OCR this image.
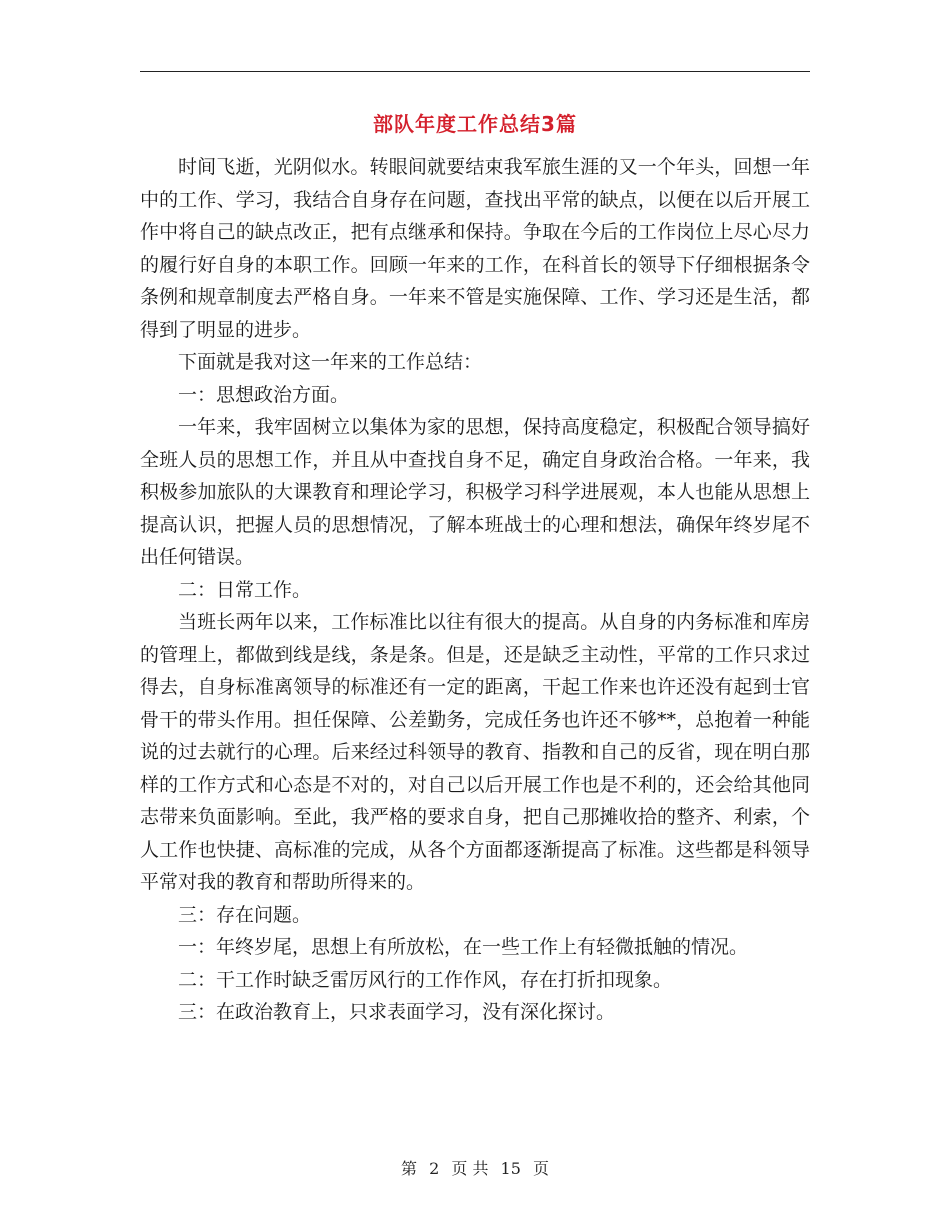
部队年度工作总结3篇

时间飞逝，光阴似水。转眼间就要结束我军旅生涯的又一个年头，回想一年中的工作、学习，我结合自身存在问题，查找出平常的缺点，以便在以后开展工作中将自己的缺点改正，把有点继承和保持。争取在今后的工作岗位上尽心尽力的履行好自身的本职工作。回顾一年来的工作，在科首长的领导下仔细根据条令条例和规章制度去严格自身。一年来不管是实施保障、工作、学习还是生活，都得到了明显的进步。

下面就是我对这一年来的工作总结：

一：思想政治方面。

一年来，我牢固树立以集体为家的思想，保持高度稳定，积极配合领导搞好全班人员的思想工作，并且从中查找自身不足，确定自身政治合格。一年来，我积极参加旅队的大课教育和理论学习，积极学习科学进展观，本人也能从思想上提高认识，把握人员的思想情况，了解本班战士的心理和想法，确保年终岁尾不出任何错误。

二：日常工作。

当班长两年以来，工作标准比以往有很大的提高。从自身的内务标准和库房的管理上，都做到线是线，条是条。但是，还是缺乏主动性，平常的工作只求过得去，自身标准离领导的标准还有一定的距离，干起工作来也许还没有起到士官骨干的带头作用。担任保障、公差勤务，完成任务也许还不够**，总抱着一种能说的过去就行的心理。后来经过科领导的教育、指教和自己的反省，现在明白那样的工作方式和心态是不对的，对自己以后开展工作也是不利的，还会给其他同志带来负面影响。至此，我严格的要求自身，把自己那摊收拾的整齐、利索，个人工作也快捷、高标准的完成，从各个方面都逐渐提高了标准。这些都是科领导平常对我的教育和帮助所得来的。

三：存在问题。

一：年终岁尾，思想上有所放松，在一些工作上有轻微抵触的情况。

二：干工作时缺乏雷厉风行的工作作风，存在打折扣现象。

三：在政治教育上，只求表面学习，没有深化探讨。

第 2 页 共 15 页
